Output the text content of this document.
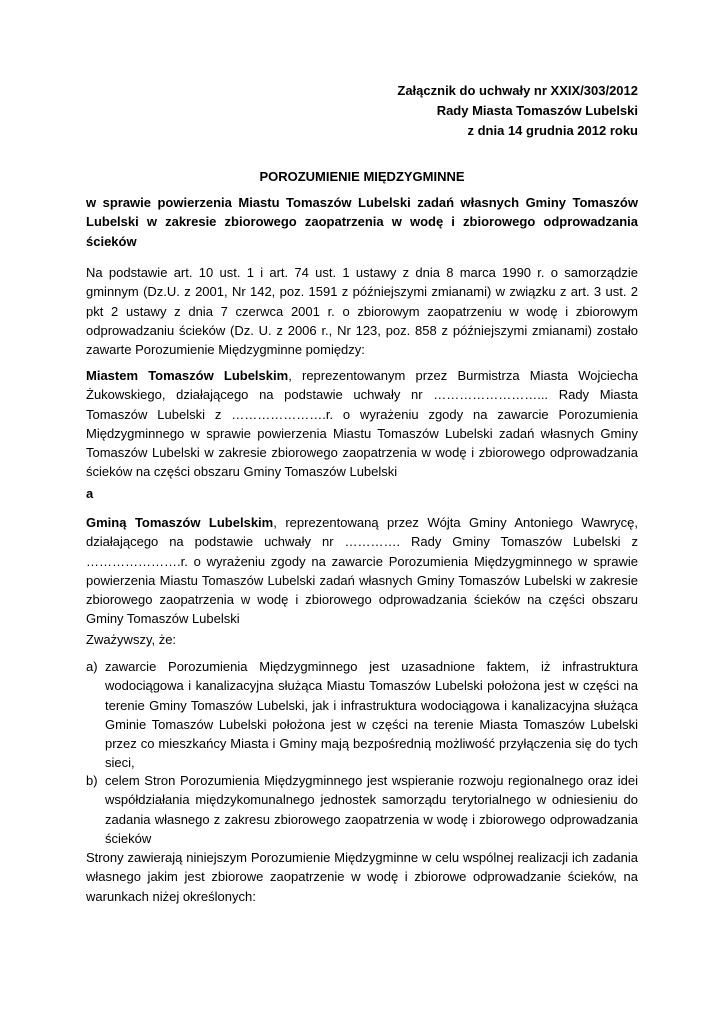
Załącznik do uchwały nr XXIX/303/2012
Rady Miasta Tomaszów Lubelski
z dnia 14 grudnia 2012 roku
POROZUMIENIE MIĘDZYGMINNE
w sprawie powierzenia Miastu Tomaszów Lubelski zadań własnych Gminy Tomaszów Lubelski w zakresie zbiorowego zaopatrzenia w wodę i zbiorowego odprowadzania ścieków
Na podstawie art. 10 ust. 1 i art. 74 ust. 1 ustawy z dnia 8 marca 1990 r. o samorządzie gminnym (Dz.U. z 2001, Nr 142, poz. 1591 z późniejszymi zmianami) w związku z art. 3 ust. 2 pkt 2 ustawy z dnia 7 czerwca 2001 r. o zbiorowym zaopatrzeniu w wodę i zbiorowym odprowadzaniu ścieków (Dz. U. z 2006 r., Nr 123, poz. 858 z późniejszymi zmianami) zostało zawarte Porozumienie Międzygminne pomiędzy:
Miastem Tomaszów Lubelskim, reprezentowanym przez Burmistrza Miasta Wojciecha Żukowskiego, działającego na podstawie uchwały nr ……………………... Rady Miasta Tomaszów Lubelski z ………………….r. o wyrażeniu zgody na zawarcie Porozumienia Międzygminnego w sprawie powierzenia Miastu Tomaszów Lubelski zadań własnych Gminy Tomaszów Lubelski w zakresie zbiorowego zaopatrzenia w wodę i zbiorowego odprowadzania ścieków na części obszaru Gminy Tomaszów Lubelski
a
Gminą Tomaszów Lubelskim, reprezentowaną przez Wójta Gminy Antoniego Wawrycę, działającego na podstawie uchwały nr …………. Rady Gminy Tomaszów Lubelski z ………………….r. o wyrażeniu zgody na zawarcie Porozumienia Międzygminnego w sprawie powierzenia Miastu Tomaszów Lubelski zadań własnych Gminy Tomaszów Lubelski w zakresie zbiorowego zaopatrzenia w wodę i zbiorowego odprowadzania ścieków na części obszaru Gminy Tomaszów Lubelski
Zważywszy, że:
a) zawarcie Porozumienia Międzygminnego jest uzasadnione faktem, iż infrastruktura wodociągowa i kanalizacyjna służąca Miastu Tomaszów Lubelski położona jest w części na terenie Gminy Tomaszów Lubelski, jak i infrastruktura wodociągowa i kanalizacyjna służąca Gminie Tomaszów Lubelski położona jest w części na terenie Miasta Tomaszów Lubelski przez co mieszkańcy Miasta i Gminy mają bezpośrednią możliwość przyłączenia się do tych sieci,
b) celem Stron Porozumienia Międzygminnego jest wspieranie rozwoju regionalnego oraz idei współdziałania międzykomunalnego jednostek samorządu terytorialnego w odniesieniu do zadania własnego z zakresu zbiorowego zaopatrzenia w wodę i zbiorowego odprowadzania ścieków
Strony zawierają niniejszym Porozumienie Międzygminne w celu wspólnej realizacji ich zadania własnego jakim jest zbiorowe zaopatrzenie w wodę i zbiorowe odprowadzanie ścieków, na warunkach niżej określonych:
